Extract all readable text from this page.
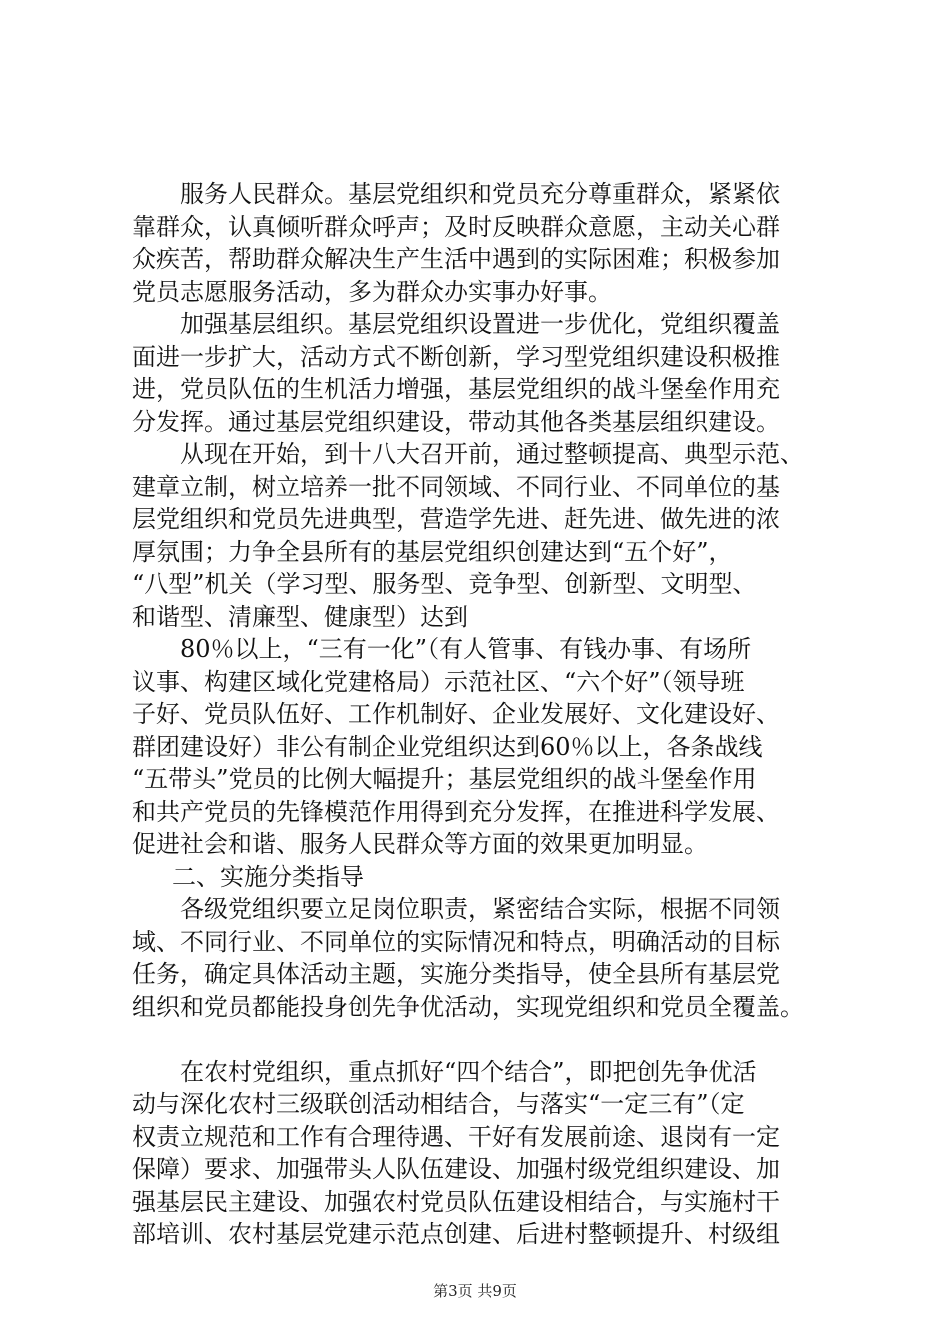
服务人民群众。基层党组织和党员充分尊重群众，紧紧依
靠群众，认真倾听群众呼声；及时反映群众意愿，主动关心群
众疾苦，帮助群众解决生产生活中遇到的实际困难；积极参加
党员志愿服务活动，多为群众办实事办好事。
加强基层组织。基层党组织设置进一步优化，党组织覆盖
面进一步扩大，活动方式不断创新，学习型党组织建设积极推
进，党员队伍的生机活力增强，基层党组织的战斗堡垒作用充
分发挥。通过基层党组织建设，带动其他各类基层组织建设。
从现在开始，到十八大召开前，通过整顿提高、典型示范、
建章立制，树立培养一批不同领域、不同行业、不同单位的基
层党组织和党员先进典型，营造学先进、赶先进、做先进的浓
厚氛围；力争全县所有的基层党组织创建达到“五个好”，
“八型”机关（学习型、服务型、竞争型、创新型、文明型、
和谐型、清廉型、健康型）达到
80％以上，“三有一化”（有人管事、有钱办事、有场所
议事、构建区域化党建格局）示范社区、“六个好”（领导班
子好、党员队伍好、工作机制好、企业发展好、文化建设好、
群团建设好）非公有制企业党组织达到60％以上，各条战线
“五带头”党员的比例大幅提升；基层党组织的战斗堡垒作用
和共产党员的先锋模范作用得到充分发挥，在推进科学发展、
促进社会和谐、服务人民群众等方面的效果更加明显。
二、实施分类指导
各级党组织要立足岗位职责，紧密结合实际，根据不同领
域、不同行业、不同单位的实际情况和特点，明确活动的目标
任务，确定具体活动主题，实施分类指导，使全县所有基层党
组织和党员都能投身创先争优活动，实现党组织和党员全覆盖。
在农村党组织，重点抓好“四个结合”，即把创先争优活
动与深化农村三级联创活动相结合，与落实“一定三有”（定
权责立规范和工作有合理待遇、干好有发展前途、退岗有一定
保障）要求、加强带头人队伍建设、加强村级党组织建设、加
强基层民主建设、加强农村党员队伍建设相结合，与实施村干
部培训、农村基层党建示范点创建、后进村整顿提升、村级组
第3页 共9页
